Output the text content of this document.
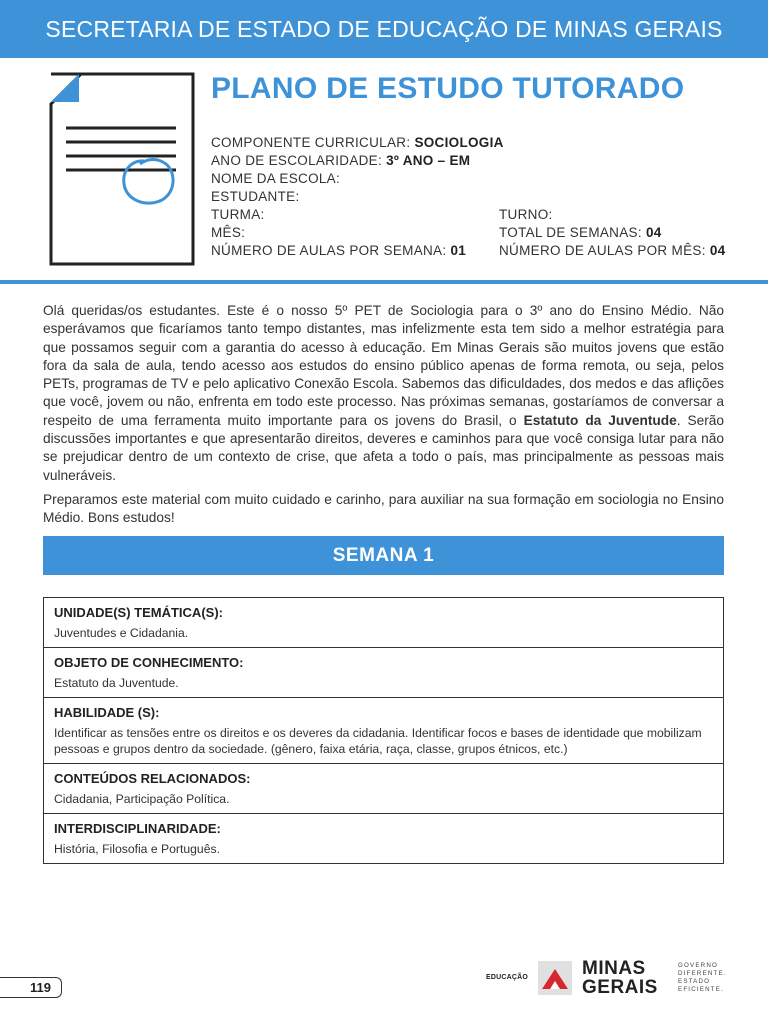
SECRETARIA DE ESTADO DE EDUCAÇÃO DE MINAS GERAIS
PLANO DE ESTUDO TUTORADO
COMPONENTE CURRICULAR: SOCIOLOGIA
ANO DE ESCOLARIDADE: 3º ANO – EM
NOME DA ESCOLA:
ESTUDANTE:
TURMA:	TURNO:
MÊS:	TOTAL DE SEMANAS: 04
NÚMERO DE AULAS POR SEMANA: 01 NÚMERO DE AULAS POR MÊS: 04

Olá queridas/os estudantes. Este é o nosso 5º PET de Sociologia para o 3º ano do Ensino Médio. Não esperávamos que ficaríamos tanto tempo distantes, mas infelizmente esta tem sido a melhor estratégia para que possamos seguir com a garantia do acesso à educação. Em Minas Gerais são muitos jovens que estão fora da sala de aula, tendo acesso aos estudos do ensino público apenas de forma remota, ou seja, pelos PETs, programas de TV e pelo aplicativo Conexão Escola. Sabemos das dificuldades, dos medos e das aflições que você, jovem ou não, enfrenta em todo este processo. Nas próximas semanas, gostaríamos de conversar a respeito de uma ferramenta muito importante para os jovens do Brasil, o Estatuto da Juventude. Serão discussões importantes e que apresentarão direitos, deveres e caminhos para que você consiga lutar para não se prejudicar dentro de um contexto de crise, que afeta a todo o país, mas principalmente as pessoas mais vulneráveis.

Preparamos este material com muito cuidado e carinho, para auxiliar na sua formação em sociologia no Ensino Médio. Bons estudos!

SEMANA 1
UNIDADE(S) TEMÁTICA(S):
Juventudes e Cidadania.
OBJETO DE CONHECIMENTO:
Estatuto da Juventude.
HABILIDADE (S):
Identificar as tensões entre os direitos e os deveres da cidadania. Identificar focos e bases de identidade que mobilizam pessoas e grupos dentro da sociedade. (gênero, faixa etária, raça, classe, grupos étnicos, etc.)
CONTEÚDOS RELACIONADOS:
Cidadania, Participação Política.
INTERDISCIPLINARIDADE:
História, Filosofia e Português.
119
EDUCAÇÃO	MINAS
GERAIS
GOVERNO
DIFERENTE.
ESTADO
EFICIENTE.
